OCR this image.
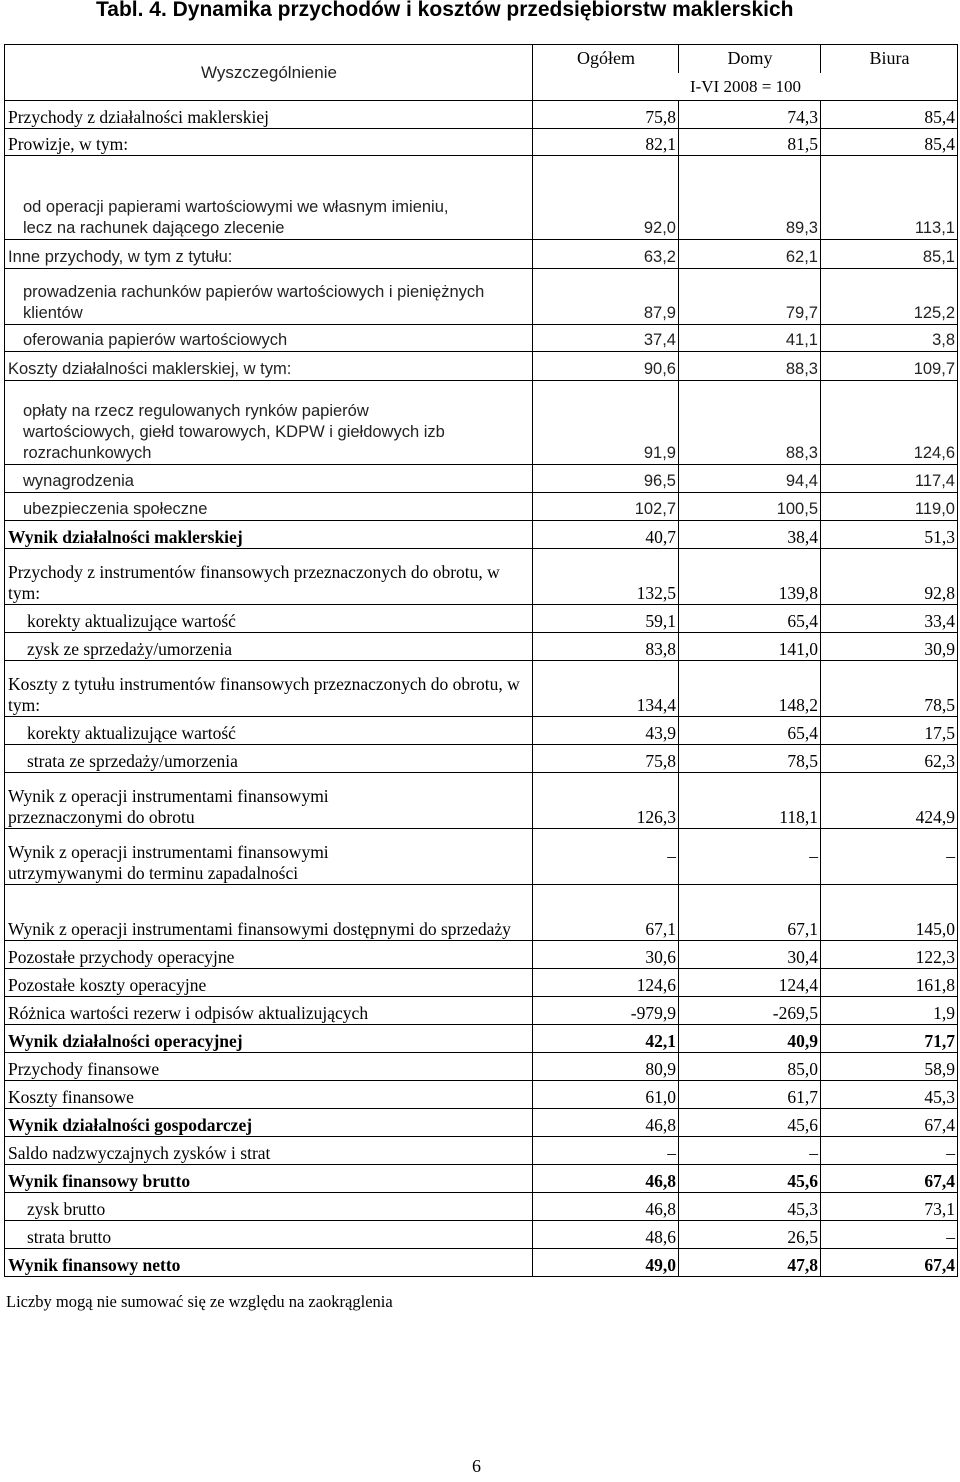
Tabl. 4. Dynamika przychodów i kosztów przedsiębiorstw maklerskich
Wyszczególnienie	Ogółem	Domy	Biura
	I-VI 2008 = 100		
Przychody z działalności maklerskiej	75,8	74,3	85,4
Prowizje, w tym:	82,1	81,5	85,4
od operacji papierami wartościowymi we własnym imieniu,
lecz na rachunek dającego zlecenie	92,0	89,3	113,1
Inne przychody, w tym z tytułu:	63,2	62,1	85,1
prowadzenia rachunków papierów wartościowych i pieniężnych klientów	87,9	79,7	125,2
oferowania papierów wartościowych	37,4	41,1	3,8
Koszty działalności maklerskiej, w tym:	90,6	88,3	109,7
opłaty na rzecz regulowanych rynków papierów wartościowych, giełd towarowych, KDPW i giełdowych izb rozrachunkowych	91,9	88,3	124,6
wynagrodzenia	96,5	94,4	117,4
ubezpieczenia społeczne	102,7	100,5	119,0
Wynik działalności maklerskiej	40,7	38,4	51,3
Przychody z instrumentów finansowych przeznaczonych do obrotu, w tym:	132,5	139,8	92,8
korekty aktualizujące wartość	59,1	65,4	33,4
zysk ze sprzedaży/umorzenia	83,8	141,0	30,9
Koszty z tytułu instrumentów finansowych przeznaczonych do obrotu, w tym:	134,4	148,2	78,5
korekty aktualizujące wartość	43,9	65,4	17,5
strata ze sprzedaży/umorzenia	75,8	78,5	62,3
Wynik z operacji instrumentami finansowymi przeznaczonymi do obrotu	126,3	118,1	424,9
Wynik z operacji instrumentami finansowymi utrzymywanymi do terminu zapadalności	–	–	–
Wynik z operacji instrumentami finansowymi dostępnymi do sprzedaży	67,1	67,1	145,0
Pozostałe przychody operacyjne	30,6	30,4	122,3
Pozostałe koszty operacyjne	124,6	124,4	161,8
Różnica wartości rezerw i odpisów aktualizujących	-979,9	-269,5	1,9
Wynik działalności operacyjnej	42,1	40,9	71,7
Przychody finansowe	80,9	85,0	58,9
Koszty finansowe	61,0	61,7	45,3
Wynik działalności gospodarczej	46,8	45,6	67,4
Saldo nadzwyczajnych zysków i strat	–	–	–
Wynik finansowy brutto	46,8	45,6	67,4
zysk brutto	46,8	45,3	73,1
strata brutto	48,6	26,5	–
Wynik finansowy netto	49,0	47,8	67,4
Liczby mogą nie sumować się ze względu na zaokrąglenia
6
